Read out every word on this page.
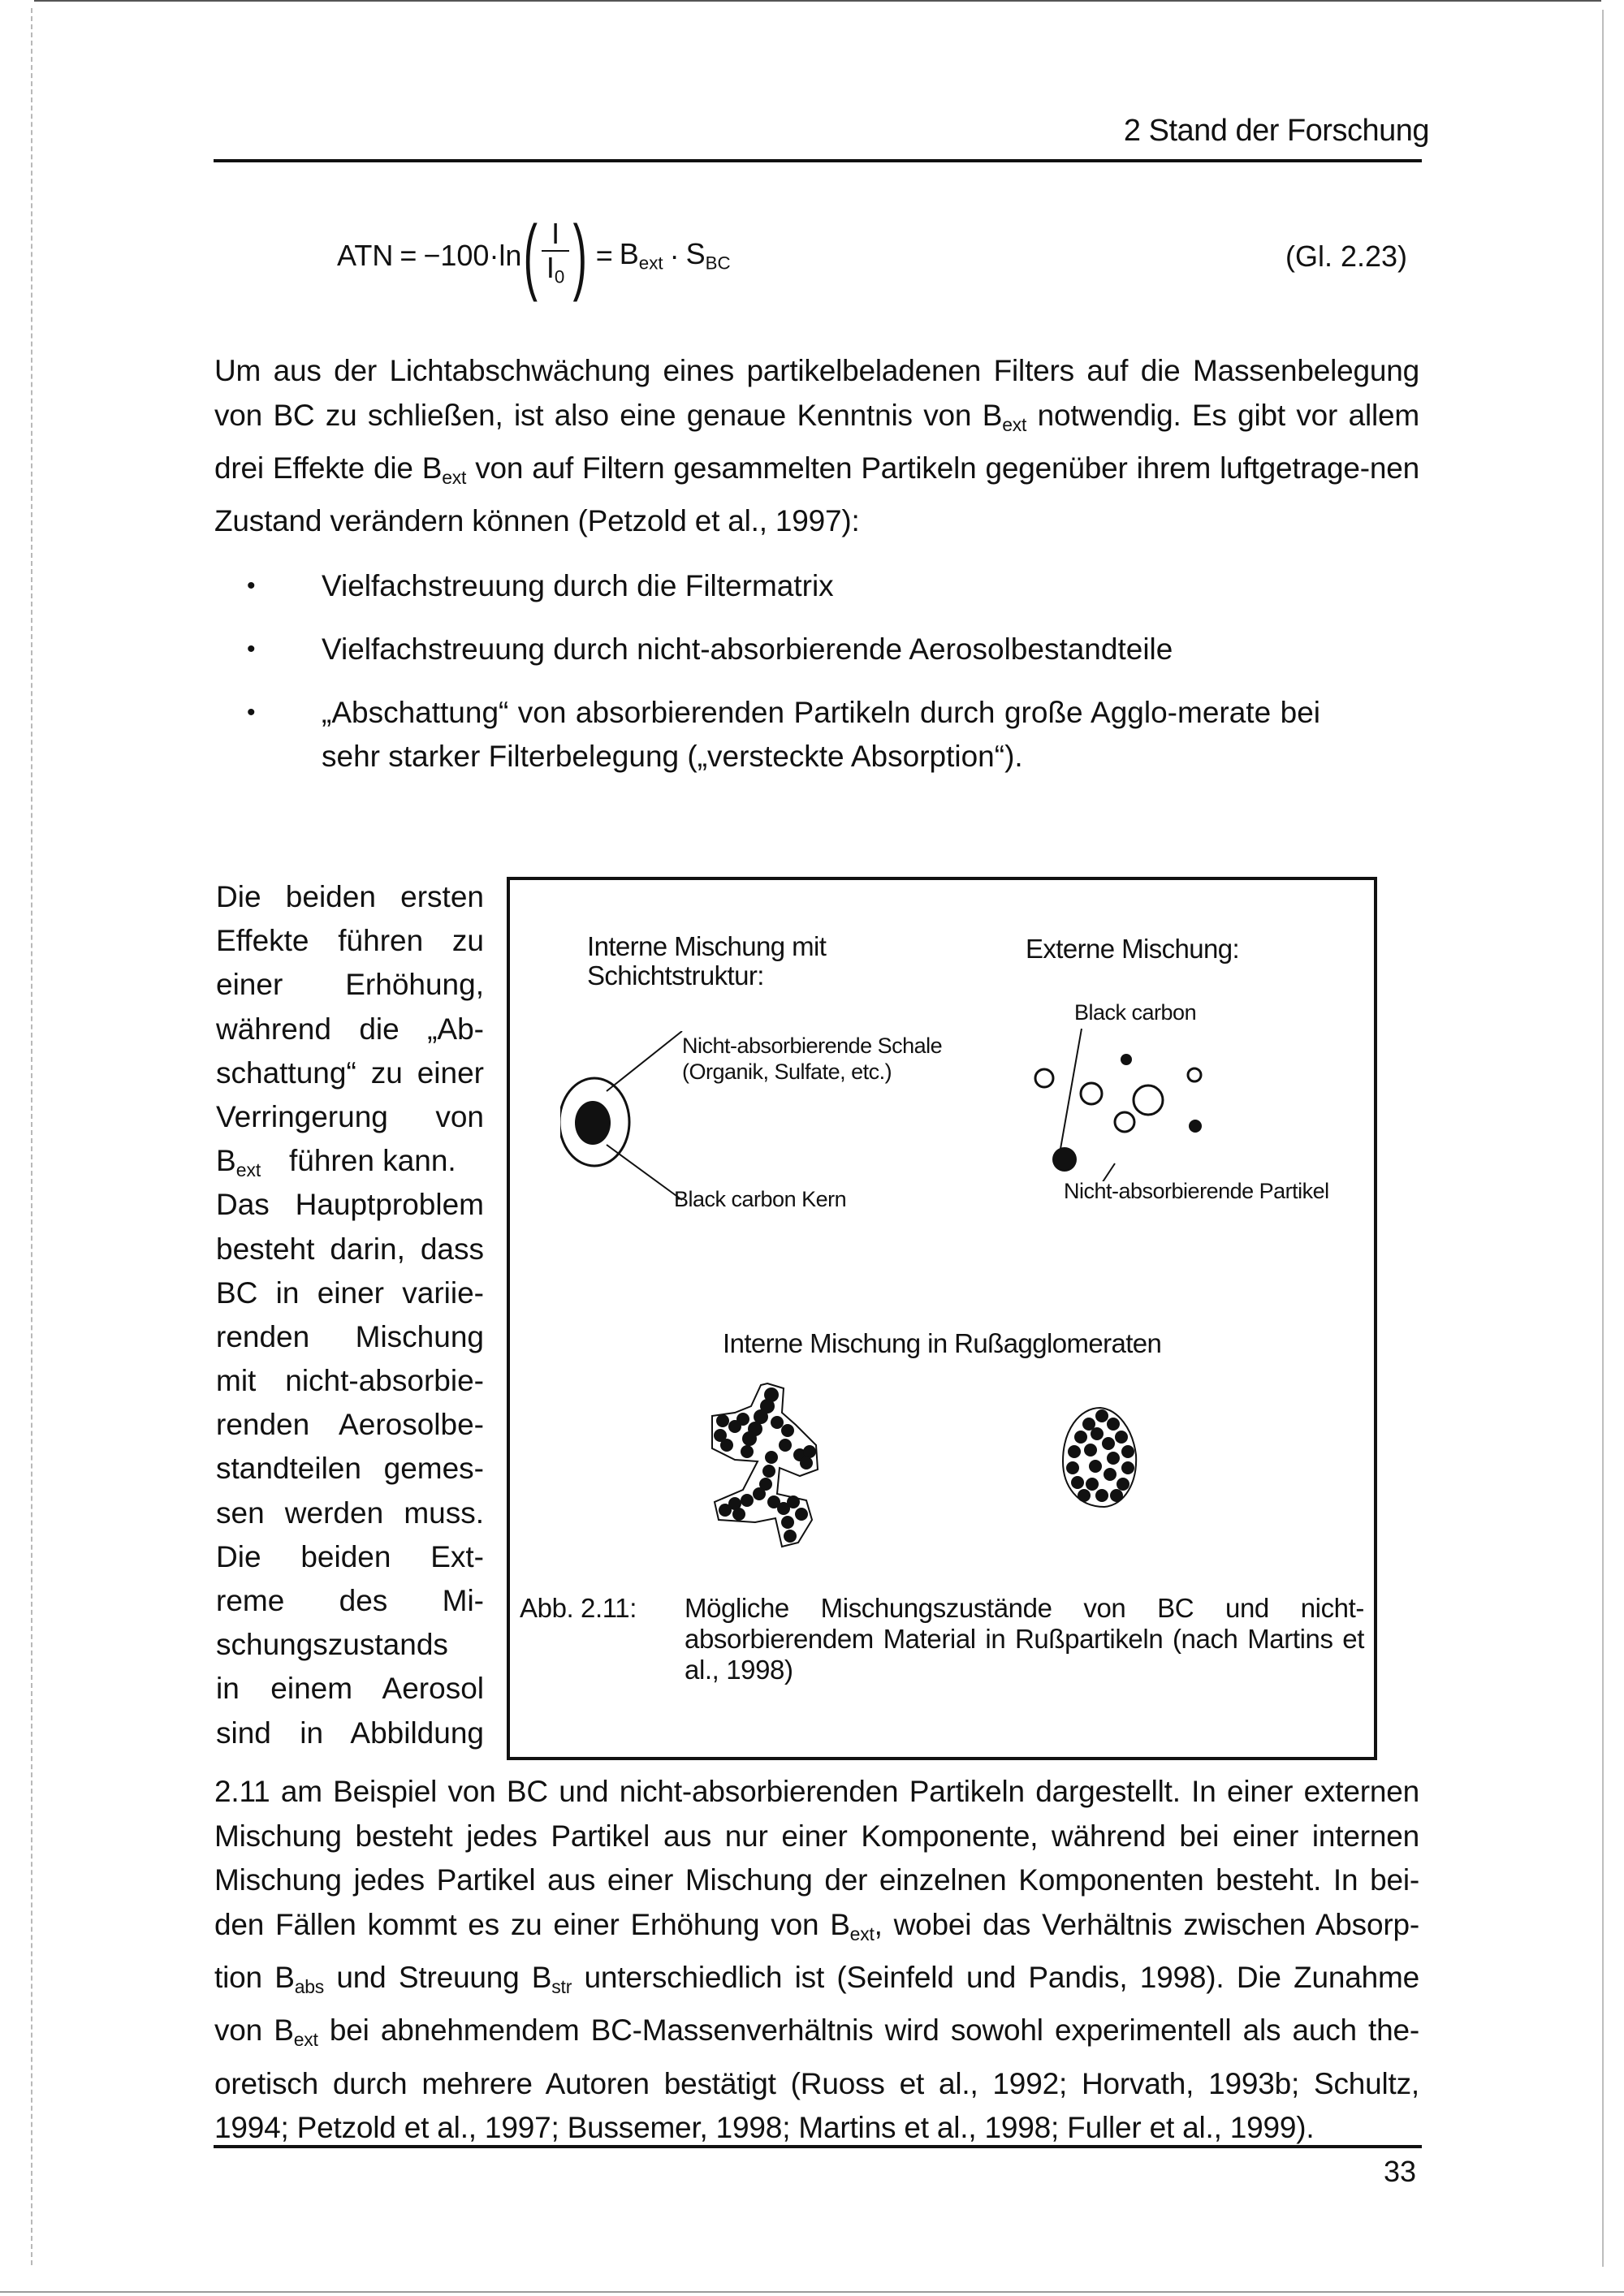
2 Stand der Forschung
ATN = −100·ln ( $\frac{I}{I_0}$ ) = $B_{ext} \cdot S_{BC}$	(Gl. 2.23)

Um aus der Lichtabschwächung eines partikelbeladenen Filters auf die Massenbelegung von BC zu schließen, ist also eine genaue Kenntnis von $B_{ext}$ notwendig. Es gibt vor allem drei Effekte die $B_{ext}$ von auf Filtern gesammelten Partikeln gegenüber ihrem luftgetrage-nen Zustand verändern können (Petzold et al., 1997):

• Vielfachstreuung durch die Filtermatrix
• Vielfachstreuung durch nicht-absorbierende Aerosolbestandteile
• „Abschattung“ von absorbierenden Partikeln durch große Agglo-merate bei sehr starker Filterbelegung („versteckte Absorption“).
Die beiden ersten
Effekte führen zu
einer Erhöhung,
während die „Ab-
schattung“ zu einer
Verringerung von
$B_{ext}$ führen kann.
Das Hauptproblem
besteht darin, dass
BC in einer variie-
renden Mischung
mit nicht-absorbie-
renden Aerosolbe-
standteilen gemes-
sen werden muss.
Die beiden Ext-
reme des Mi-
schungszustands
in einem Aerosol
sind in Abbildung
Interne Mischung mit
Schichtstruktur:
Nicht-absorbierende Schale
(Organik, Sulfate, etc.)
Black carbon Kern
Externe Mischung:
Black carbon
Nicht-absorbierende Partikel
Interne Mischung in Rußagglomeraten
Abb. 2.11: Mögliche Mischungszustände von BC und nicht-absorbierendem Material in Rußpartikeln (nach Martins et al., 1998)

2.11 am Beispiel von BC und nicht-absorbierenden Partikeln dargestellt. In einer externen Mischung besteht jedes Partikel aus nur einer Komponente, während bei einer internen Mischung jedes Partikel aus einer Mischung der einzelnen Komponenten besteht. In bei-den Fällen kommt es zu einer Erhöhung von $B_{ext}$, wobei das Verhältnis zwischen Absorp-tion $B_{abs}$ und Streuung $B_{str}$ unterschiedlich ist (Seinfeld und Pandis, 1998). Die Zunahme von $B_{ext}$ bei abnehmendem BC-Massenverhältnis wird sowohl experimentell als auch the-oretisch durch mehrere Autoren bestätigt (Ruoss et al., 1992; Horvath, 1993b; Schultz, 1994; Petzold et al., 1997; Bussemer, 1998; Martins et al., 1998; Fuller et al., 1999).

33
